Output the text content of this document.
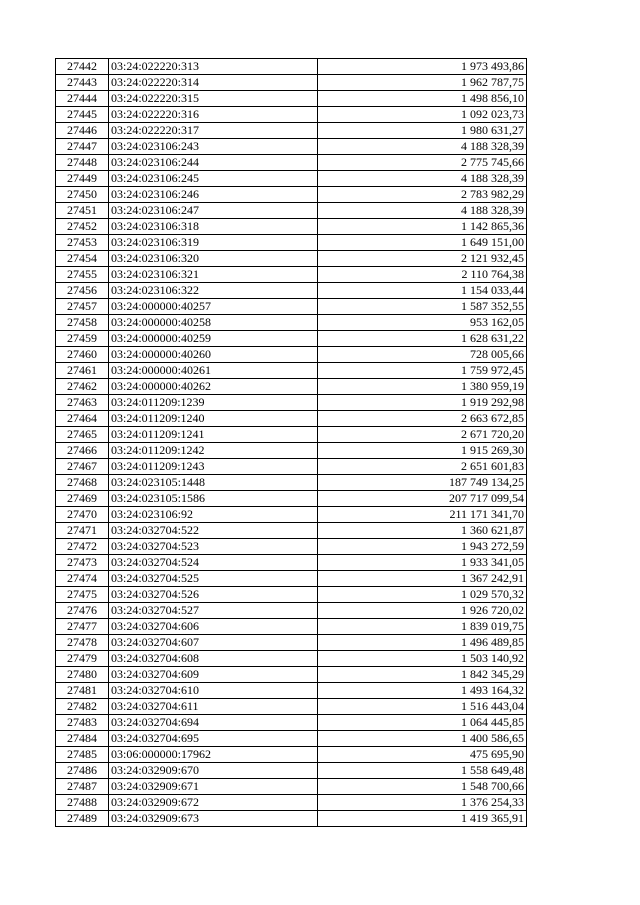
27442	03:24:022220:313	1 973 493,86
27443	03:24:022220:314	1 962 787,75
27444	03:24:022220:315	1 498 856,10
27445	03:24:022220:316	1 092 023,73
27446	03:24:022220:317	1 980 631,27
27447	03:24:023106:243	4 188 328,39
27448	03:24:023106:244	2 775 745,66
27449	03:24:023106:245	4 188 328,39
27450	03:24:023106:246	2 783 982,29
27451	03:24:023106:247	4 188 328,39
27452	03:24:023106:318	1 142 865,36
27453	03:24:023106:319	1 649 151,00
27454	03:24:023106:320	2 121 932,45
27455	03:24:023106:321	2 110 764,38
27456	03:24:023106:322	1 154 033,44
27457	03:24:000000:40257	1 587 352,55
27458	03:24:000000:40258	953 162,05
27459	03:24:000000:40259	1 628 631,22
27460	03:24:000000:40260	728 005,66
27461	03:24:000000:40261	1 759 972,45
27462	03:24:000000:40262	1 380 959,19
27463	03:24:011209:1239	1 919 292,98
27464	03:24:011209:1240	2 663 672,85
27465	03:24:011209:1241	2 671 720,20
27466	03:24:011209:1242	1 915 269,30
27467	03:24:011209:1243	2 651 601,83
27468	03:24:023105:1448	187 749 134,25
27469	03:24:023105:1586	207 717 099,54
27470	03:24:023106:92	211 171 341,70
27471	03:24:032704:522	1 360 621,87
27472	03:24:032704:523	1 943 272,59
27473	03:24:032704:524	1 933 341,05
27474	03:24:032704:525	1 367 242,91
27475	03:24:032704:526	1 029 570,32
27476	03:24:032704:527	1 926 720,02
27477	03:24:032704:606	1 839 019,75
27478	03:24:032704:607	1 496 489,85
27479	03:24:032704:608	1 503 140,92
27480	03:24:032704:609	1 842 345,29
27481	03:24:032704:610	1 493 164,32
27482	03:24:032704:611	1 516 443,04
27483	03:24:032704:694	1 064 445,85
27484	03:24:032704:695	1 400 586,65
27485	03:06:000000:17962	475 695,90
27486	03:24:032909:670	1 558 649,48
27487	03:24:032909:671	1 548 700,66
27488	03:24:032909:672	1 376 254,33
27489	03:24:032909:673	1 419 365,91
